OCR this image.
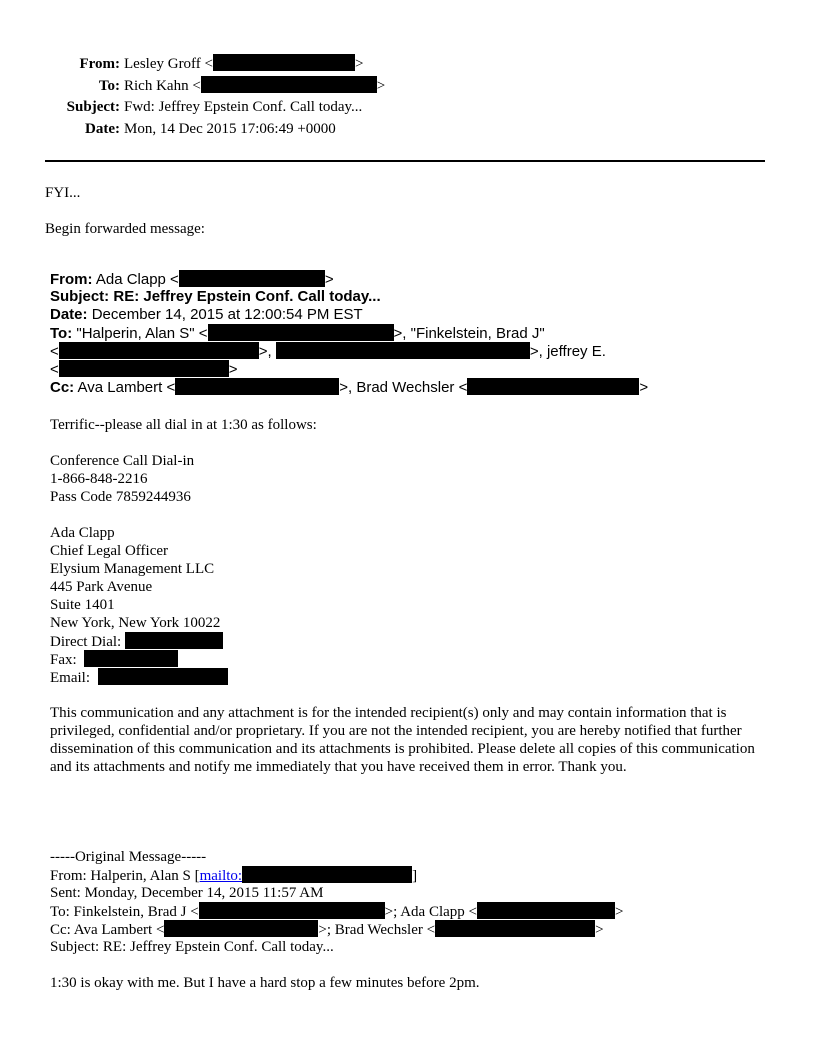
From: Lesley Groff <	>
To: Rich Kahn <	>
Subject: Fwd: Jeffrey Epstein Conf. Call today...
Date: Mon, 14 Dec 2015 17:06:49 +0000
FYI...
Begin forwarded message:
From: Ada Clapp <	>
Subject: RE: Jeffrey Epstein Conf. Call today...
Date: December 14, 2015 at 12:00:54 PM EST
To: "Halperin, Alan S" <	>, "Finkelstein, Brad J"
<	>,	>, jeffrey E.
<	>
Cc: Ava Lambert <	>, Brad Wechsler <	>
Terrific--please all dial in at 1:30 as follows:
Conference Call Dial-in
1-866-848-2216
Pass Code 7859244936
Ada Clapp
Chief Legal Officer
Elysium Management LLC
445 Park Avenue
Suite 1401
New York, New York 10022
Direct Dial:
Fax:
Email:
This communication and any attachment is for the intended recipient(s) only and may contain information that is privileged, confidential and/or proprietary. If you are not the intended recipient, you are hereby notified that further dissemination of this communication and its attachments is prohibited. Please delete all copies of this communication and its attachments and notify me immediately that you have received them in error. Thank you.
-----Original Message-----
From: Halperin, Alan S [mailto:	]
Sent: Monday, December 14, 2015 11:57 AM
To: Finkelstein, Brad J <	>; Ada Clapp <	>
Cc: Ava Lambert <	>; Brad Wechsler <	>
Subject: RE: Jeffrey Epstein Conf. Call today...
1:30 is okay with me. But I have a hard stop a few minutes before 2pm.
